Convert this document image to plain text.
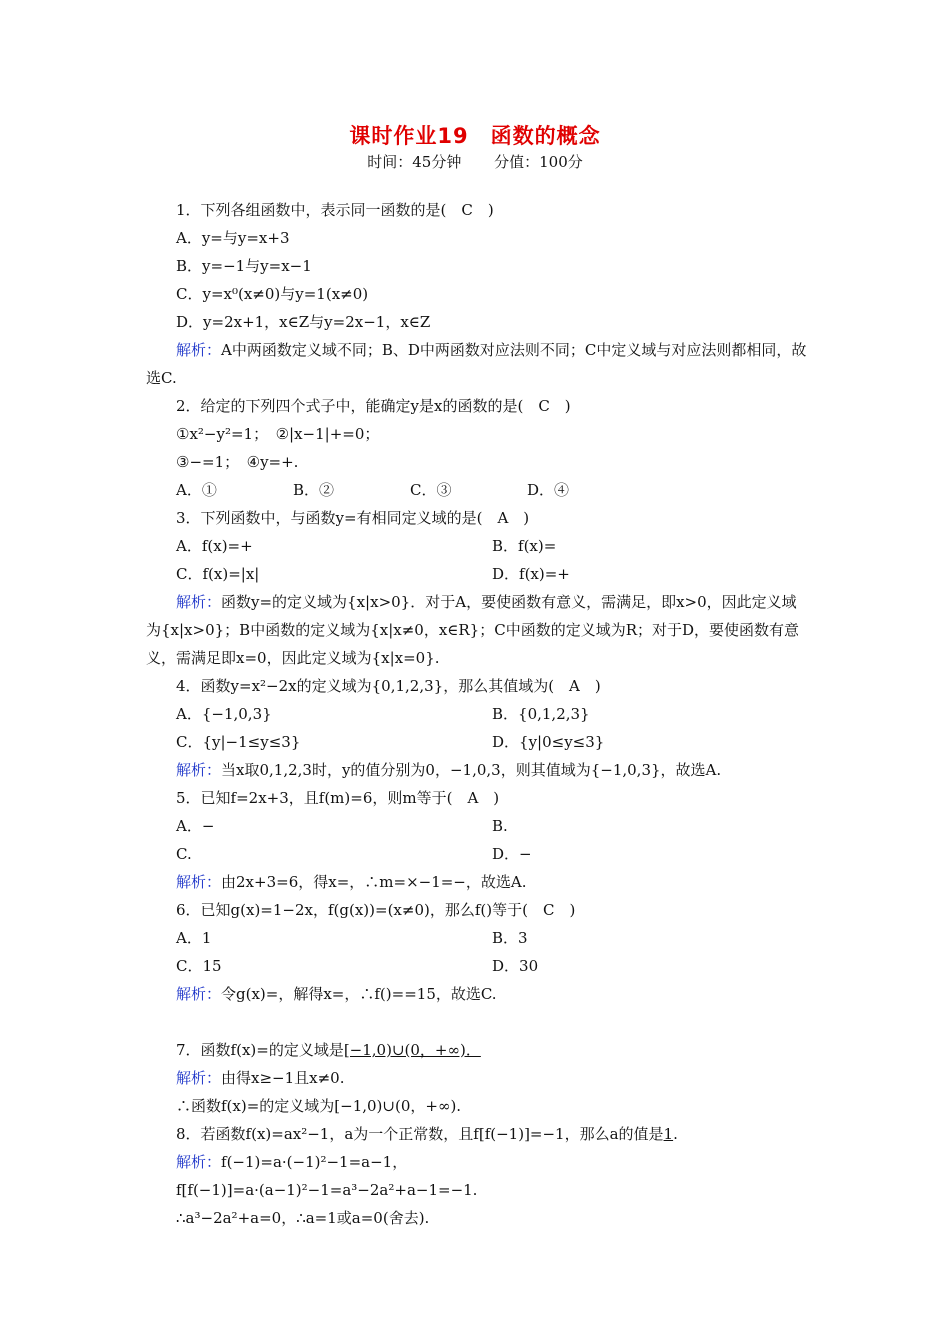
课时作业19　函数的概念
时间：45分钟 分值：100分
1．下列各组函数中，表示同一函数的是(　C　)
A．y=与y=x+3
B．y=−1与y=x−1
C．y=x⁰(x≠0)与y=1(x≠0)
D．y=2x+1，x∈Z与y=2x−1，x∈Z
解析：A中两函数定义域不同；B、D中两函数对应法则不同；C中定义域与对应法则都相同，故选C.
2．给定的下列四个式子中，能确定y是x的函数的是(　C　)
①x²−y²=1；　②|x−1|+=0；
③−=1；　④y=+.
A．①	B．②	C．③	D．④
3．下列函数中，与函数y=有相同定义域的是(　A　)
A．f(x)=+	B．f(x)=
C．f(x)=|x|	D．f(x)=+
解析：函数y=的定义域为{x|x>0}．对于A，要使函数有意义，需满足，即x>0，因此定义域为{x|x>0}；B中函数的定义域为{x|x≠0，x∈R}；C中函数的定义域为R；对于D，要使函数有意义，需满足即x=0，因此定义域为{x|x=0}.
4．函数y=x²−2x的定义域为{0,1,2,3}，那么其值域为(　A　)
A．{−1,0,3}	B．{0,1,2,3}
C．{y|−1≤y≤3}	D．{y|0≤y≤3}
解析：当x取0,1,2,3时，y的值分别为0，−1,0,3，则其值域为{−1,0,3}，故选A.
5．已知f=2x+3，且f(m)=6，则m等于(　A　)
A．−	B.
C.	D．−
解析：由2x+3=6，得x=，∴m=×−1=−，故选A.
6．已知g(x)=1−2x，f(g(x))=(x≠0)，那么f()等于(　C　)
A．1	B．3
C．15	D．30
解析：令g(x)=，解得x=，∴f()==15，故选C.
7．函数f(x)=的定义域是[−1,0)∪(0，+∞)．
解析：由得x≥−1且x≠0.
∴函数f(x)=的定义域为[−1,0)∪(0，+∞).
8．若函数f(x)=ax²−1，a为一个正常数，且f[f(−1)]=−1，那么a的值是1.
解析：f(−1)=a·(−1)²−1=a−1，
f[f(−1)]=a·(a−1)²−1=a³−2a²+a−1=−1.
∴a³−2a²+a=0，∴a=1或a=0(舍去).
